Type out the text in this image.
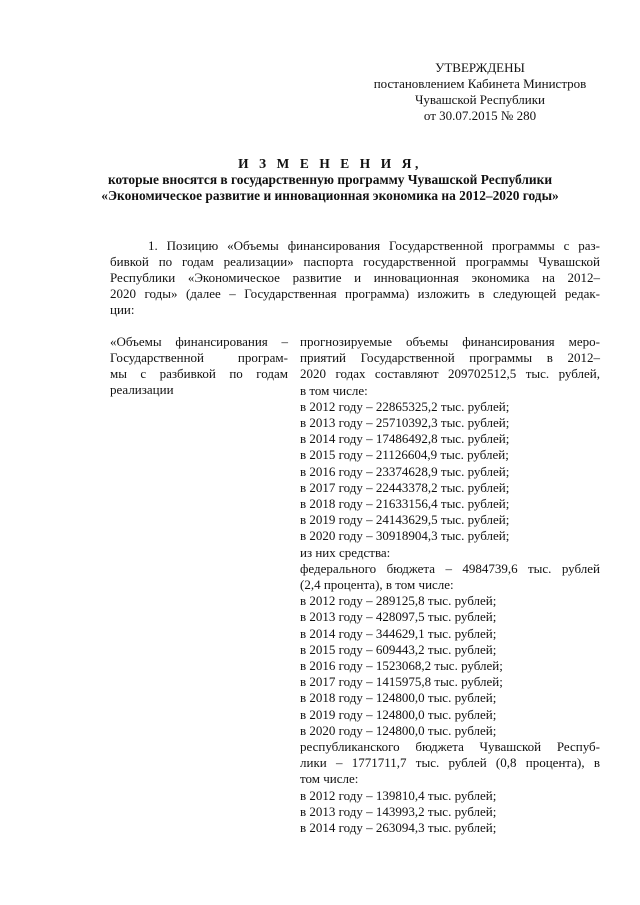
УТВЕРЖДЕНЫ
постановлением Кабинета Министров
Чувашской Республики
от 30.07.2015 № 280
И З М Е Н Е Н И Я,
которые вносятся в государственную программу Чувашской Республики
«Экономическое развитие и инновационная экономика на 2012–2020 годы»
1. Позицию «Объемы финансирования Государственной программы с раз-
бивкой по годам реализации» паспорта государственной программы Чувашской
Республики «Экономическое развитие и инновационная экономика на 2012–
2020 годы» (далее – Государственная программа) изложить в следующей редак-
ции:
«Объемы финансирования –
Государственной програм-
мы с разбивкой по годам
реализации
прогнозируемые объемы финансирования меро-
приятий Государственной программы в 2012–
2020 годах составляют 209702512,5 тыс. рублей,
в том числе:
в 2012 году – 22865325,2 тыс. рублей;
в 2013 году – 25710392,3 тыс. рублей;
в 2014 году – 17486492,8 тыс. рублей;
в 2015 году – 21126604,9 тыс. рублей;
в 2016 году – 23374628,9 тыс. рублей;
в 2017 году – 22443378,2 тыс. рублей;
в 2018 году – 21633156,4 тыс. рублей;
в 2019 году – 24143629,5 тыс. рублей;
в 2020 году – 30918904,3 тыс. рублей;
из них средства:
федерального бюджета – 4984739,6 тыс. рублей
(2,4 процента), в том числе:
в 2012 году – 289125,8 тыс. рублей;
в 2013 году – 428097,5 тыс. рублей;
в 2014 году – 344629,1 тыс. рублей;
в 2015 году – 609443,2 тыс. рублей;
в 2016 году – 1523068,2 тыс. рублей;
в 2017 году – 1415975,8 тыс. рублей;
в 2018 году – 124800,0 тыс. рублей;
в 2019 году – 124800,0 тыс. рублей;
в 2020 году – 124800,0 тыс. рублей;
республиканского бюджета Чувашской Респуб-
лики – 1771711,7 тыс. рублей (0,8 процента), в
том числе:
в 2012 году – 139810,4 тыс. рублей;
в 2013 году – 143993,2 тыс. рублей;
в 2014 году – 263094,3 тыс. рублей;
